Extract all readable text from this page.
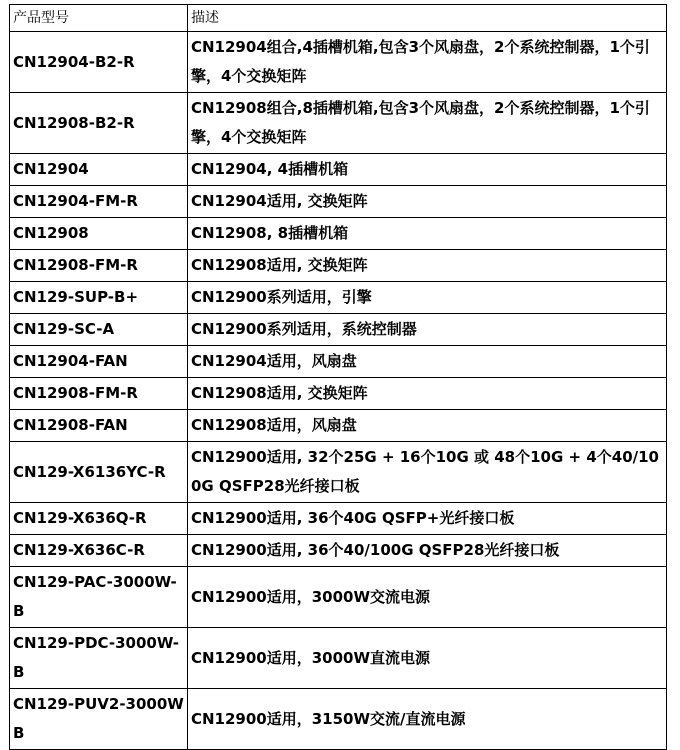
产品型号	描述
CN12904-B2-R	CN12904组合,4插槽机箱,包含3个风扇盘，2个系统控制器，1个引擎，4个交换矩阵
CN12908-B2-R	CN12908组合,8插槽机箱,包含3个风扇盘，2个系统控制器，1个引擎，4个交换矩阵
CN12904	CN12904, 4插槽机箱
CN12904-FM-R	CN12904适用, 交换矩阵
CN12908	CN12908, 8插槽机箱
CN12908-FM-R	CN12908适用, 交换矩阵
CN129-SUP-B+	CN12900系列适用，引擎
CN129-SC-A	CN12900系列适用，系统控制器
CN12904-FAN	CN12904适用，风扇盘
CN12908-FM-R	CN12908适用, 交换矩阵
CN12908-FAN	CN12908适用，风扇盘
CN129-X6136YC-R	CN12900适用, 32个25G + 16个10G 或 48个10G + 4个40/100G QSFP28光纤接口板
CN129-X636Q-R	CN12900适用, 36个40G QSFP+光纤接口板
CN129-X636C-R	CN12900适用, 36个40/100G QSFP28光纤接口板
CN129-PAC-3000W-B	CN12900适用，3000W交流电源
CN129-PDC-3000W-B	CN12900适用，3000W直流电源
CN129-PUV2-3000WB	CN12900适用，3150W交流/直流电源
